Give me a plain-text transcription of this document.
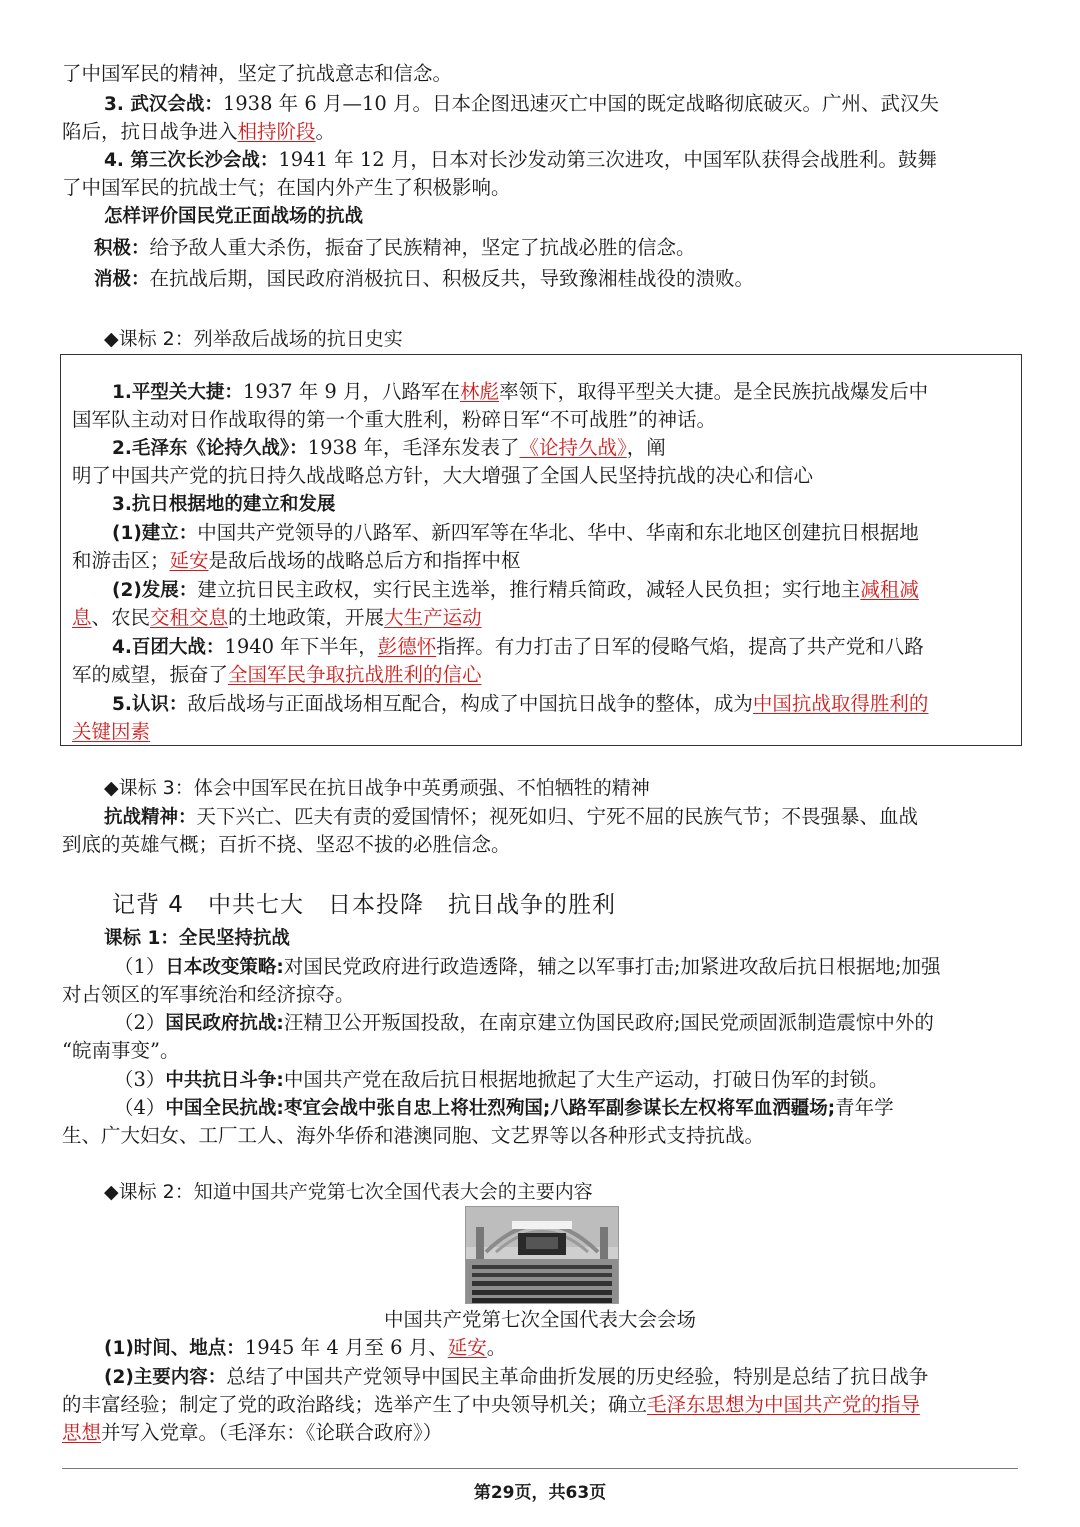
了中国军民的精神，坚定了抗战意志和信念。
3. 武汉会战：1938 年 6 月—10 月。日本企图迅速灭亡中国的既定战略彻底破灭。广州、武汉失
陷后，抗日战争进入相持阶段。
4. 第三次长沙会战：1941 年 12 月，日本对长沙发动第三次进攻，中国军队获得会战胜利。鼓舞
了中国军民的抗战士气；在国内外产生了积极影响。
怎样评价国民党正面战场的抗战
积极：给予敌人重大杀伤，振奋了民族精神，坚定了抗战必胜的信念。
消极：在抗战后期，国民政府消极抗日、积极反共，导致豫湘桂战役的溃败。
◆课标 2：列举敌后战场的抗日史实
1.平型关大捷：1937 年 9 月，八路军在林彪率领下，取得平型关大捷。是全民族抗战爆发后中
国军队主动对日作战取得的第一个重大胜利，粉碎日军“不可战胜”的神话。
2.毛泽东《论持久战》：1938 年，毛泽东发表了《论持久战》，阐
明了中国共产党的抗日持久战战略总方针，大大增强了全国人民坚持抗战的决心和信心
3.抗日根据地的建立和发展
(1)建立：中国共产党领导的八路军、新四军等在华北、华中、华南和东北地区创建抗日根据地
和游击区；延安是敌后战场的战略总后方和指挥中枢
(2)发展：建立抗日民主政权，实行民主选举，推行精兵简政，减轻人民负担；实行地主减租减
息、农民交租交息的土地政策，开展大生产运动
4.百团大战：1940 年下半年，彭德怀指挥。有力打击了日军的侵略气焰，提高了共产党和八路
军的威望，振奋了全国军民争取抗战胜利的信心
5.认识：敌后战场与正面战场相互配合，构成了中国抗日战争的整体，成为中国抗战取得胜利的
关键因素
◆课标 3：体会中国军民在抗日战争中英勇顽强、不怕牺牲的精神
抗战精神：天下兴亡、匹夫有责的爱国情怀；视死如归、宁死不屈的民族气节；不畏强暴、血战
到底的英雄气概；百折不挠、坚忍不拔的必胜信念。
记背 4　中共七大　日本投降　抗日战争的胜利
课标 1：全民坚持抗战
（1）日本改变策略:对国民党政府进行政造透降，辅之以军事打击;加紧进攻敌后抗日根据地;加强
对占领区的军事统治和经济掠夺。
（2）国民政府抗战:汪精卫公开叛国投敌，在南京建立伪国民政府;国民党顽固派制造震惊中外的
“皖南事变”。
（3）中共抗日斗争:中国共产党在敌后抗日根据地掀起了大生产运动，打破日伪军的封锁。
（4）中国全民抗战:枣宜会战中张自忠上将壮烈殉国;八路军副参谋长左权将军血洒疆场;青年学
生、广大妇女、工厂工人、海外华侨和港澳同胞、文艺界等以各种形式支持抗战。
◆课标 2：知道中国共产党第七次全国代表大会的主要内容
中国共产党第七次全国代表大会会场
(1)时间、地点：1945 年 4 月至 6 月、延安。
(2)主要内容：总结了中国共产党领导中国民主革命曲折发展的历史经验，特别是总结了抗日战争
的丰富经验；制定了党的政治路线；选举产生了中央领导机关；确立毛泽东思想为中国共产党的指导
思想并写入党章。（毛泽东：《论联合政府》）
第29页，共63页
